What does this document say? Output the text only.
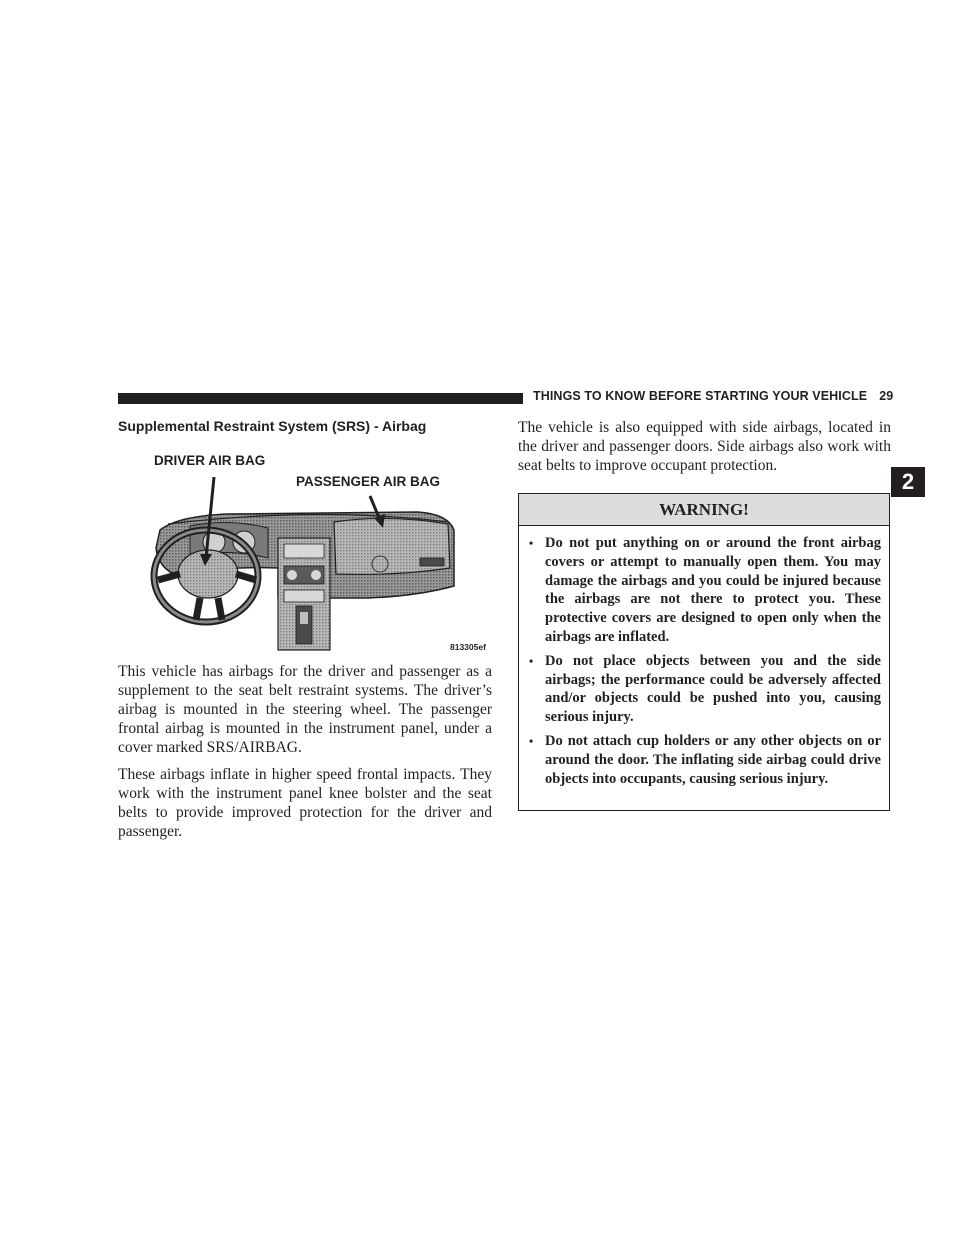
THINGS TO KNOW BEFORE STARTING YOUR VEHICLE 29
2
Supplemental Restraint System (SRS) - Airbag
DRIVER AIR BAG
PASSENGER AIR BAG
813305ef

This vehicle has airbags for the driver and passenger as a supplement to the seat belt restraint systems. The driver’s airbag is mounted in the steering wheel. The passenger frontal airbag is mounted in the instrument panel, under a cover marked SRS/AIRBAG.

These airbags inflate in higher speed frontal impacts. They work with the instrument panel knee bolster and the seat belts to provide improved protection for the driver and passenger.

The vehicle is also equipped with side airbags, located in the driver and passenger doors. Side airbags also work with seat belts to improve occupant protection.

WARNING!
• Do not put anything on or around the front airbag covers or attempt to manually open them. You may damage the airbags and you could be injured because the airbags are not there to protect you. These protective covers are designed to open only when the airbags are inflated.
• Do not place objects between you and the side airbags; the performance could be adversely affected and/or objects could be pushed into you, causing serious injury.
• Do not attach cup holders or any other objects on or around the door. The inflating side airbag could drive objects into occupants, causing serious injury.
